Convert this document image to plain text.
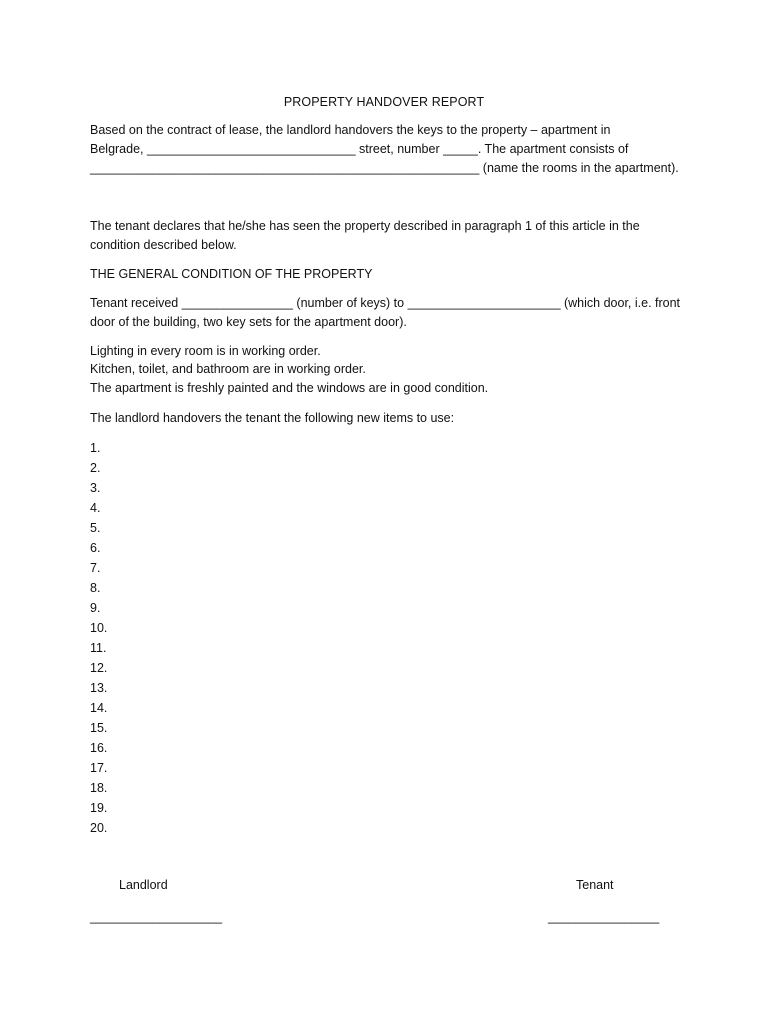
PROPERTY HANDOVER REPORT
Based on the contract of lease, the landlord handovers the keys to the property – apartment in
Belgrade, ______________________________ street, number _____. The apartment consists of
________________________________________________________ (name the rooms in the apartment).
The tenant declares that he/she has seen the property described in paragraph 1 of this article in the
condition described below.
THE GENERAL CONDITION OF THE PROPERTY
Tenant received ________________ (number of keys) to ______________________ (which door, i.e. front
door of the building, two key sets for the apartment door).
Lighting in every room is in working order.
Kitchen, toilet, and bathroom are in working order.
The apartment is freshly painted and the windows are in good condition.
The landlord handovers the tenant the following new items to use:
1.
2.
3.
4.
5.
6.
7.
8.
9.
10.
11.
12.
13.
14.
15.
16.
17.
18.
19.
20.
Landlord	Tenant
___________________	________________
